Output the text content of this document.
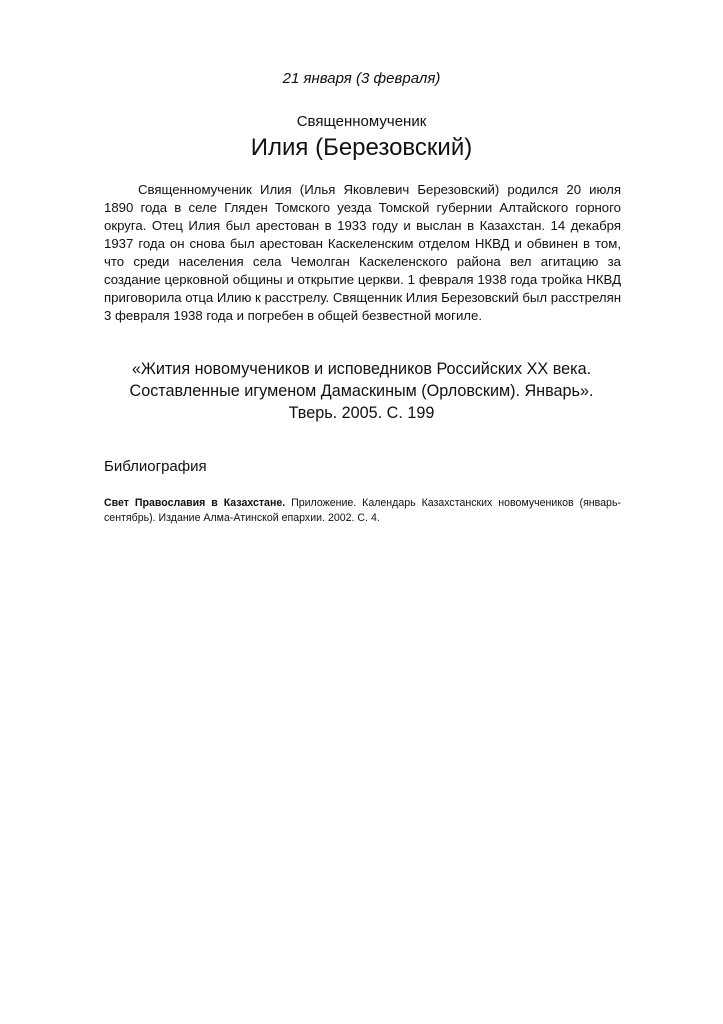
21 января (3 февраля)
Священномученик
Илия (Березовский)

Священномученик Илия (Илья Яковлевич Березовский) родился 20 июля 1890 года в селе Гляден Томского уезда Томской губернии Алтайского горного округа. Отец Илия был арестован в 1933 году и выслан в Казахстан. 14 декабря 1937 года он снова был арестован Каскеленским отделом НКВД и обвинен в том, что среди населения села Чемолган Каскеленского района вел агитацию за создание церковной общины и открытие церкви. 1 февраля 1938 года тройка НКВД приговорила отца Илию к расстрелу. Священник Илия Березовский был расстрелян 3 февраля 1938 года и погребен в общей безвестной могиле.

«Жития новомучеников и исповедников Российских XX века.
Составленные игуменом Дамаскиным (Орловским). Январь».
Тверь. 2005. С. 199
Библиография

Свет Православия в Казахстане. Приложение. Календарь Казахстанских новомучеников (январь-сентябрь). Издание Алма-Атинской епархии. 2002. С. 4.
